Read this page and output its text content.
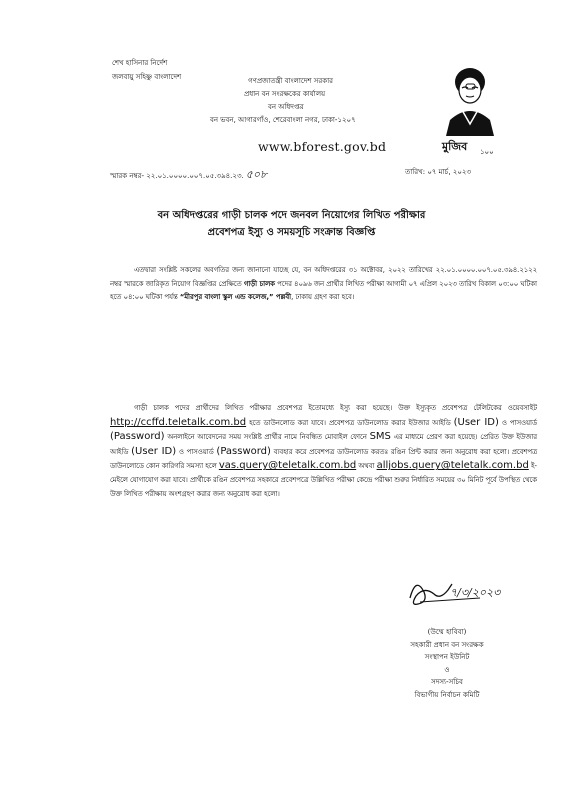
শেখ হাসিনার নির্দেশ
জলবায়ু সহিষ্ণু বাংলাদেশ	গণপ্রজাতন্ত্রী বাংলাদেশ সরকার
প্রধান বন সংরক্ষকের কার্যালয়
বন অধিদপ্তর
বন ভবন, আগারগাঁও, শেরেবাংলা নগর, ঢাকা-১২০৭
www.bforest.gov.bd	মুজিব ১০০
স্মারক নম্বর- ২২.০১.০০০০.০০৭.০৫.৩৯৪.২৩. ৫০৮	তারিখ: ০৭ মার্চ, ২০২৩
বন অধিদপ্তরের গাড়ী চালক পদে জনবল নিয়োগের লিখিত পরীক্ষার
প্রবেশপত্র ইস্যু ও সময়সূচি সংক্রান্ত বিজ্ঞপ্তি
এতদ্বারা সংশ্লিষ্ট সকলের অবগতির জন্য জানানো যাচ্ছে যে, বন অধিদপ্তরের ৩১ অক্টোবর, ২০২২ তারিখের ২২.০১.০০০০.০০৭.০৫.৩৯৪.২১২২ নম্বর স্মারকে জারিকৃত নিয়োগ বিজ্ঞপ্তির প্রেক্ষিতে গাড়ী চালক পদের ৪০৯৬ জন প্রার্থীর লিখিত পরীক্ষা আগামী ০৭ এপ্রিল ২০২৩ তারিখ বিকাল ০৩:০০ ঘটিকা হতে ০৪:০০ ঘটিকা পর্যন্ত “মীরপুর বাংলা স্কুল এন্ড কলেজ,” পল্লবী, ঢাকায় গ্রহণ করা হবে।
গাড়ী চালক পদের প্রার্থীদের লিখিত পরীক্ষার প্রবেশপত্র ইতোমধ্যে ইস্যু করা হয়েছে। উক্ত ইস্যুকৃত প্রবেশপত্র টেলিটকের ওয়েবসাইট http://ccffd.teletalk.com.bd হতে ডাউনলোড করা যাবে। প্রবেশপত্র ডাউনলোড করার ইউজার আইডি (User ID) ও পাসওয়ার্ড (Password) অনলাইনে আবেদনের সময় সংশ্লিষ্ট প্রার্থীর নামে নিবন্ধিত মোবাইল ফোনে SMS এর মাধ্যমে প্রেরণ করা হয়েছে। প্রেরিত উক্ত ইউজার আইডি (User ID) ও পাসওয়ার্ড (Password) ব্যবহার করে প্রবেশপত্র ডাউনলোড করতঃ রঙিন প্রিন্ট করার জন্য অনুরোধ করা হলো। প্রবেশপত্র ডাউনলোডে কোন কারিগরি সমস্যা হলে vas.query@teletalk.com.bd অথবা alljobs.query@teletalk.com.bd ই-মেইলে যোগাযোগ করা যাবে। প্রার্থীকে রঙিন প্রবেশপত্র সহকারে প্রবেশপত্রে উল্লিখিত পরীক্ষা কেন্দ্রে পরীক্ষা শুরুর নির্ধারিত সময়ের ৩০ মিনিট পূর্বে উপস্থিত থেকে উক্ত লিখিত পরীক্ষায় অংশগ্রহণ করার জন্য অনুরোধ করা হলো।
৭/৩/২০২৩
(উম্মে হাবিবা)
সহকারী প্রধান বন সংরক্ষক
সংস্থাপন ইউনিট
ও
সদস্য-সচিব
বিভাগীয় নির্বাচন কমিটি
